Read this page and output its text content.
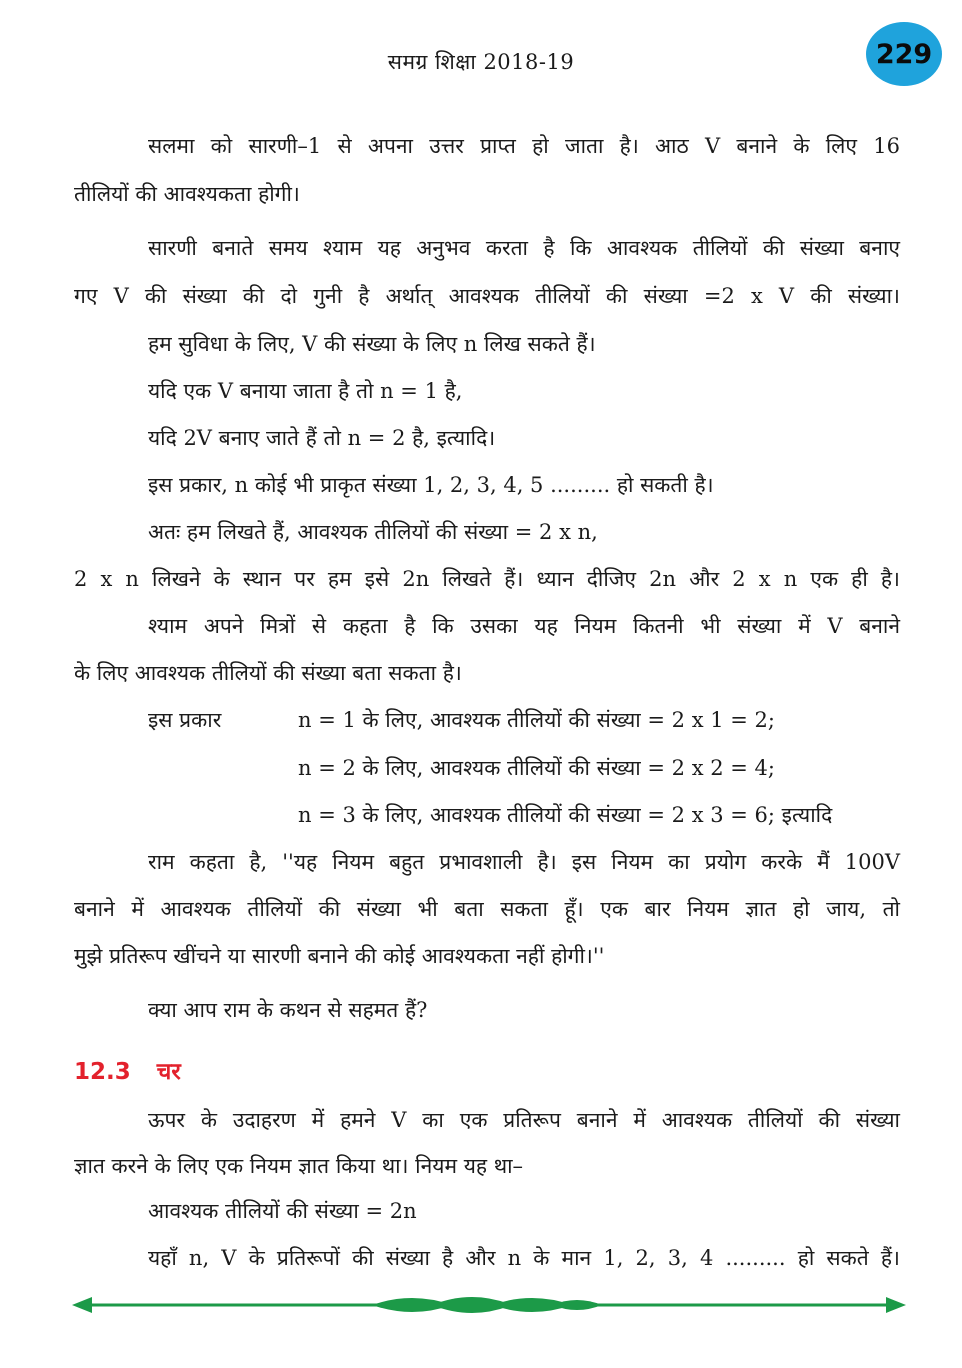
समग्र शिक्षा 2018-19	229
सलमा को सारणी–1 से अपना उत्तर प्राप्त हो जाता है। आठ V बनाने के लिए 16
तीलियों की आवश्यकता होगी।
सारणी बनाते समय श्याम यह अनुभव करता है कि आवश्यक तीलियों की संख्या बनाए
गए V की संख्या की दो गुनी है अर्थात् आवश्यक तीलियों की संख्या =2 x V की संख्या।
हम सुविधा के लिए, V की संख्या के लिए n लिख सकते हैं।
यदि एक V बनाया जाता है तो n = 1 है,
यदि 2V बनाए जाते हैं तो n = 2 है, इत्यादि।
इस प्रकार, n कोई भी प्राकृत संख्या 1, 2, 3, 4, 5 ......... हो सकती है।
अतः हम लिखते हैं, आवश्यक तीलियों की संख्या = 2 x n,
2 x n लिखने के स्थान पर हम इसे 2n लिखते हैं। ध्यान दीजिए 2n और 2 x n एक ही है।
श्याम अपने मित्रों से कहता है कि उसका यह नियम कितनी भी संख्या में V बनाने
के लिए आवश्यक तीलियों की संख्या बता सकता है।
इस प्रकार	n = 1 के लिए, आवश्यक तीलियों की संख्या = 2 x 1 = 2;
n = 2 के लिए, आवश्यक तीलियों की संख्या = 2 x 2 = 4;
n = 3 के लिए, आवश्यक तीलियों की संख्या = 2 x 3 = 6; इत्यादि
राम कहता है, ''यह नियम बहुत प्रभावशाली है। इस नियम का प्रयोग करके मैं 100V
बनाने में आवश्यक तीलियों की संख्या भी बता सकता हूँ। एक बार नियम ज्ञात हो जाय, तो
मुझे प्रतिरूप खींचने या सारणी बनाने की कोई आवश्यकता नहीं होगी।''
क्या आप राम के कथन से सहमत हैं?
12.3 चर
ऊपर के उदाहरण में हमने V का एक प्रतिरूप बनाने में आवश्यक तीलियों की संख्या
ज्ञात करने के लिए एक नियम ज्ञात किया था। नियम यह था–
आवश्यक तीलियों की संख्या = 2n
यहाँ n, V के प्रतिरूपों की संख्या है और n के मान 1, 2, 3, 4 ......... हो सकते हैं।
